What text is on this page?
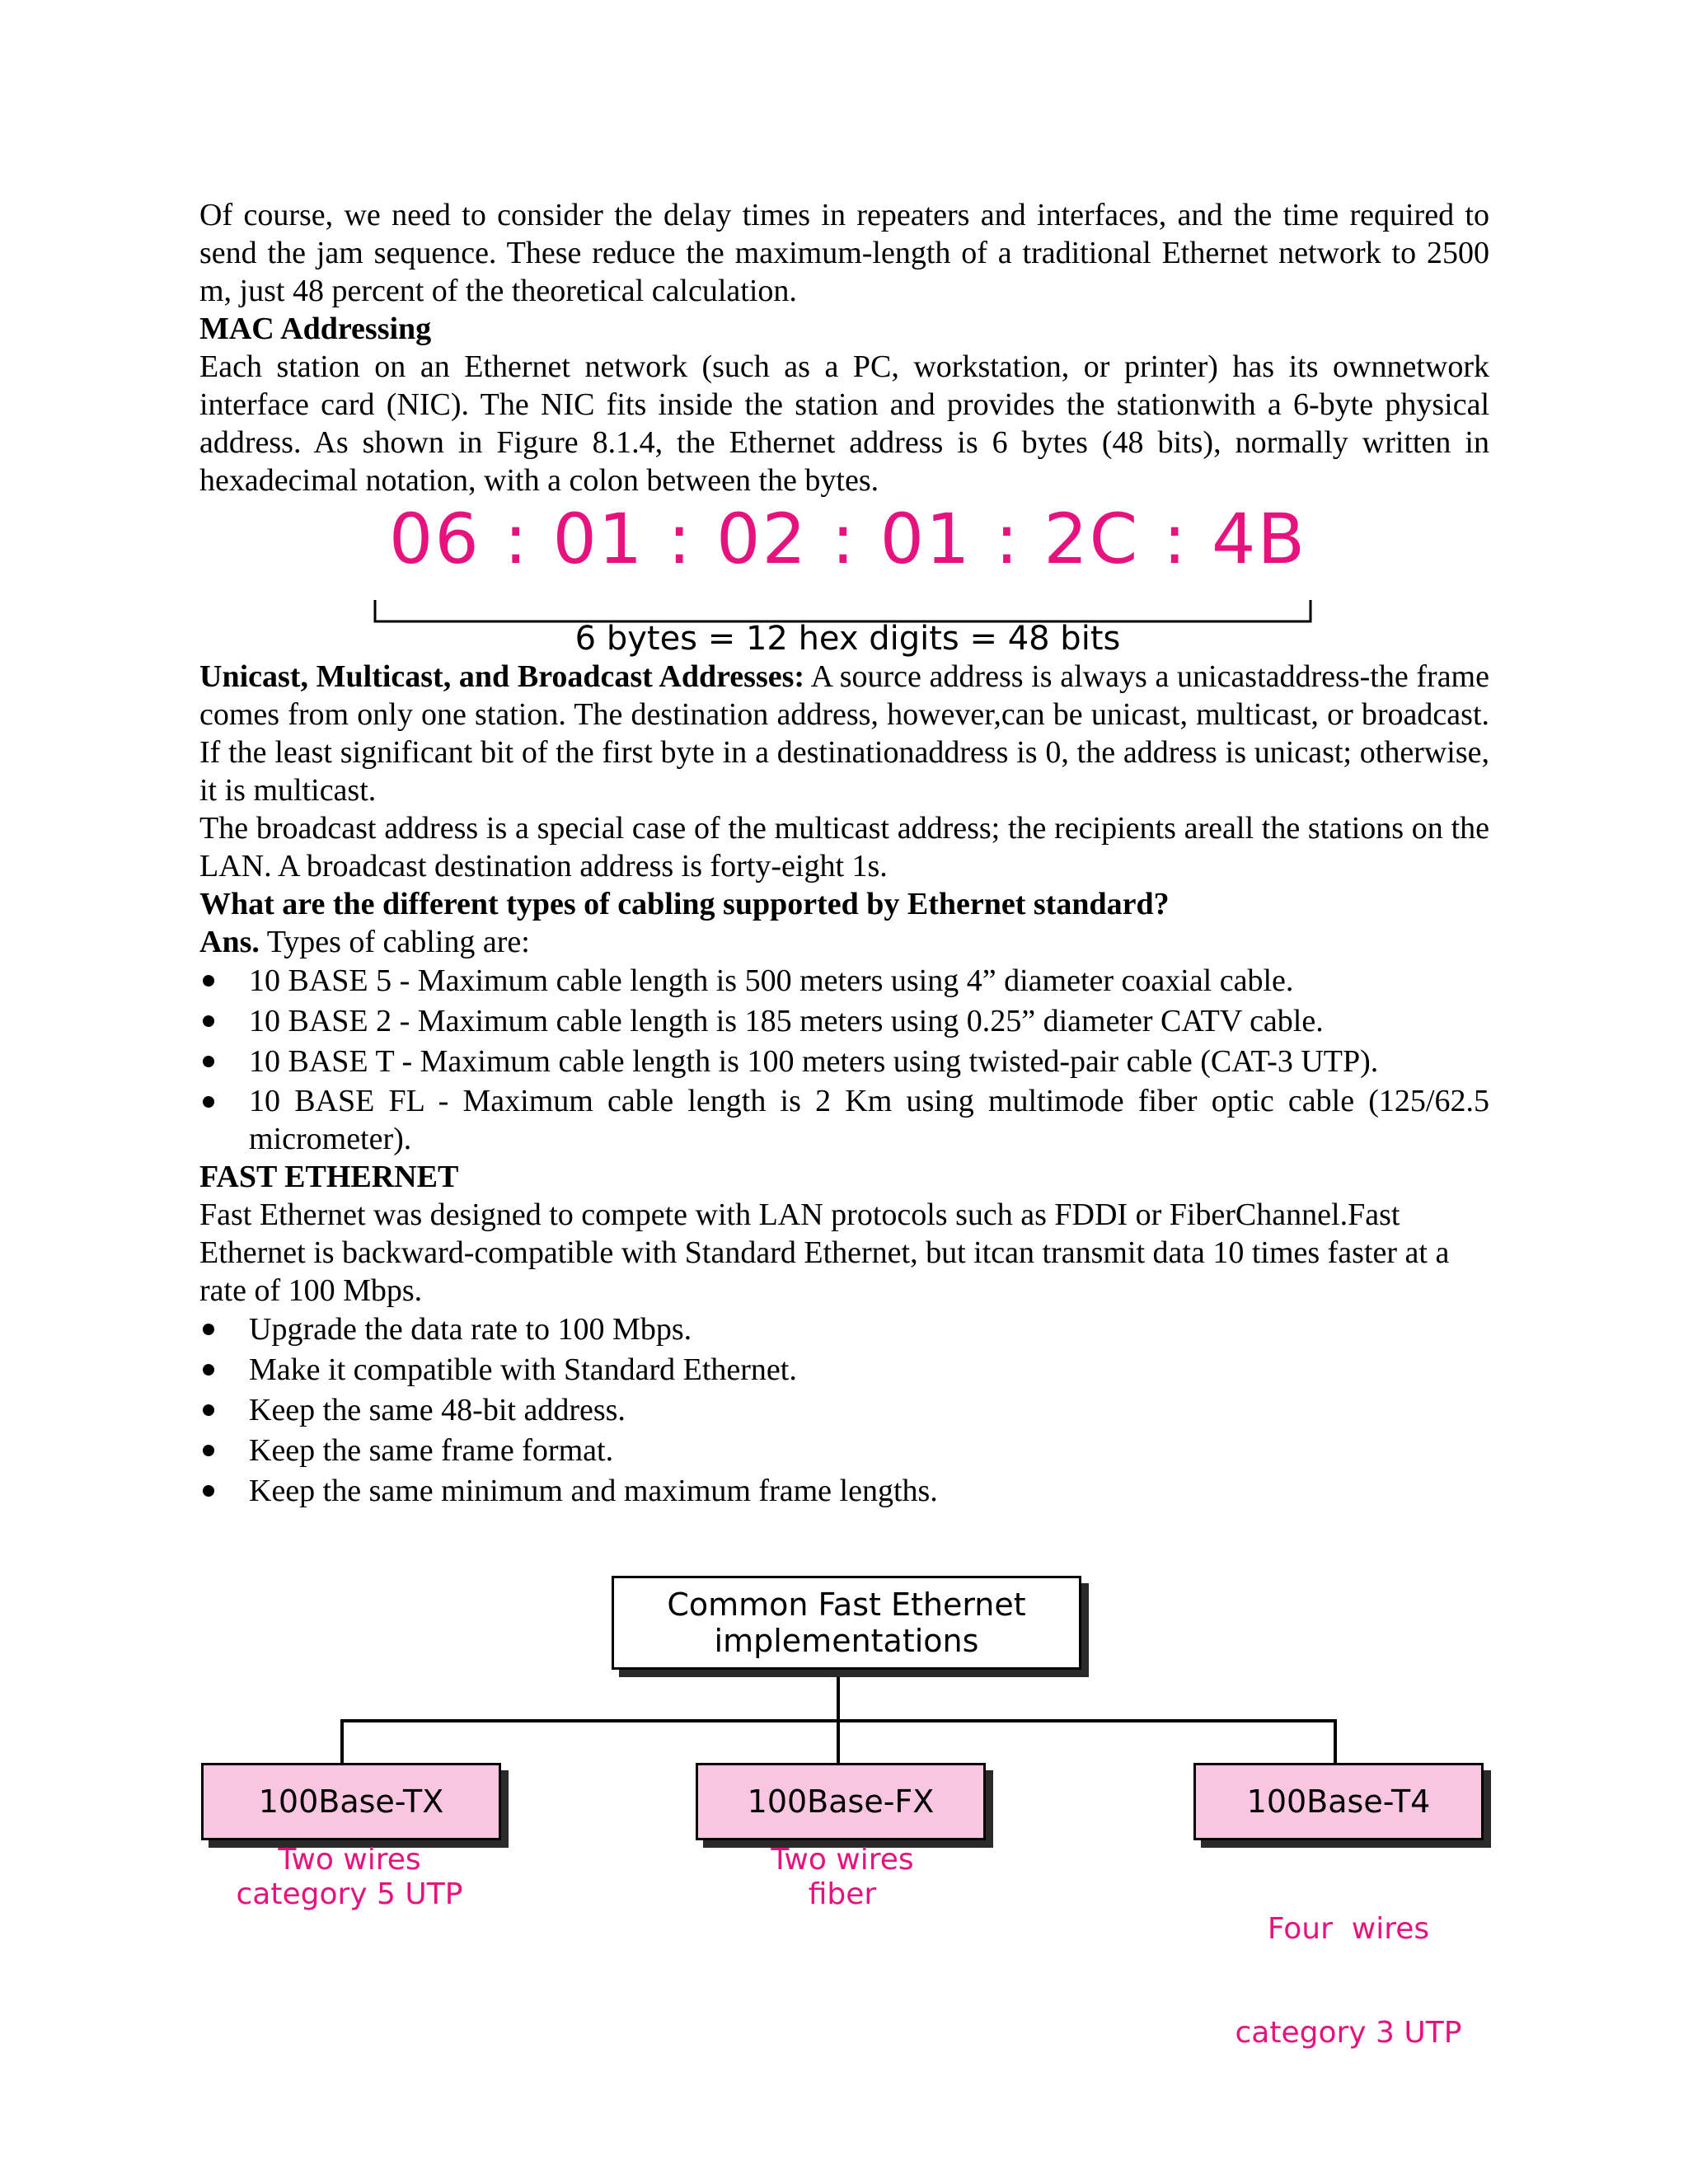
Of course, we need to consider the delay times in repeaters and interfaces, and the time required to send the jam sequence. These reduce the maximum-length of a traditional Ethernet network to 2500 m, just 48 percent of the theoretical calculation.

MAC Addressing

Each station on an Ethernet network (such as a PC, workstation, or printer) has its ownnetwork interface card (NIC). The NIC fits inside the station and provides the stationwith a 6-byte physical address. As shown in Figure 8.1.4, the Ethernet address is 6 bytes (48 bits), normally written in hexadecimal notation, with a colon between the bytes.

06 : 01 : 02 : 01 : 2C : 4B
6 bytes = 12 hex digits = 48 bits

Unicast, Multicast, and Broadcast Addresses: A source address is always a unicastaddress-the frame comes from only one station. The destination address, however,can be unicast, multicast, or broadcast. If the least significant bit of the first byte in a destinationaddress is 0, the address is unicast; otherwise, it is multicast.

The broadcast address is a special case of the multicast address; the recipients areall the stations on the LAN. A broadcast destination address is forty-eight 1s.

What are the different types of cabling supported by Ethernet standard?

Ans. Types of cabling are:

10 BASE 5 - Maximum cable length is 500 meters using 4” diameter coaxial cable.
10 BASE 2 - Maximum cable length is 185 meters using 0.25” diameter CATV cable.
10 BASE T - Maximum cable length is 100 meters using twisted-pair cable (CAT-3 UTP).
10 BASE FL - Maximum cable length is 2 Km using multimode fiber optic cable (125/62.5 micrometer).

FAST ETHERNET

Fast Ethernet was designed to compete with LAN protocols such as FDDI or FiberChannel.Fast Ethernet is backward-compatible with Standard Ethernet, but itcan transmit data 10 times faster at a rate of 100 Mbps.

Upgrade the data rate to 100 Mbps.
Make it compatible with Standard Ethernet.
Keep the same 48-bit address.
Keep the same frame format.
Keep the same minimum and maximum frame lengths.
Common Fast Ethernet
implementations
100Base-TX	100Base-FX	100Base-T4
Two wires
category 5 UTP
Two wires
fiber

Four  wires

category 3 UTP
